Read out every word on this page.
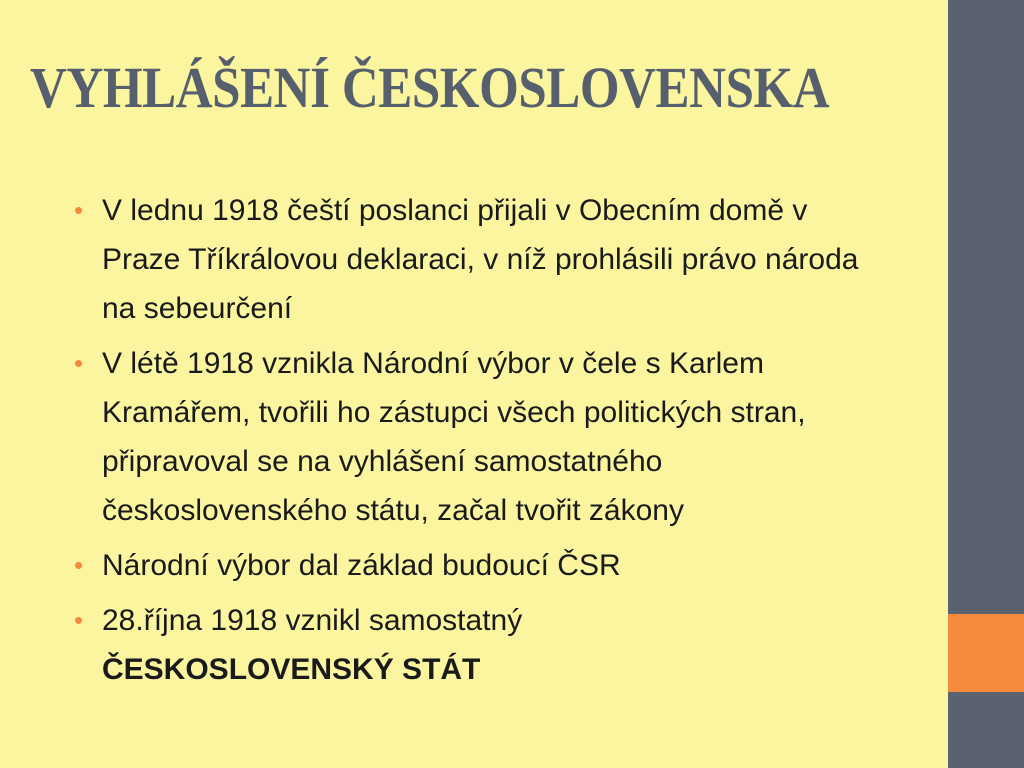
VYHLÁŠENÍ ČESKOSLOVENSKA
• V lednu 1918 čeští poslanci přijali v Obecním domě v Praze Tříkrálovou deklaraci, v níž prohlásili právo národa na sebeurčení
• V létě 1918 vznikla Národní výbor v čele s Karlem Kramářem, tvořili ho zástupci všech politických stran, připravoval se na vyhlášení samostatného československého státu, začal tvořit zákony
• Národní výbor dal základ budoucí ČSR
• 28.října 1918 vznikl samostatný
ČESKOSLOVENSKÝ STÁT
